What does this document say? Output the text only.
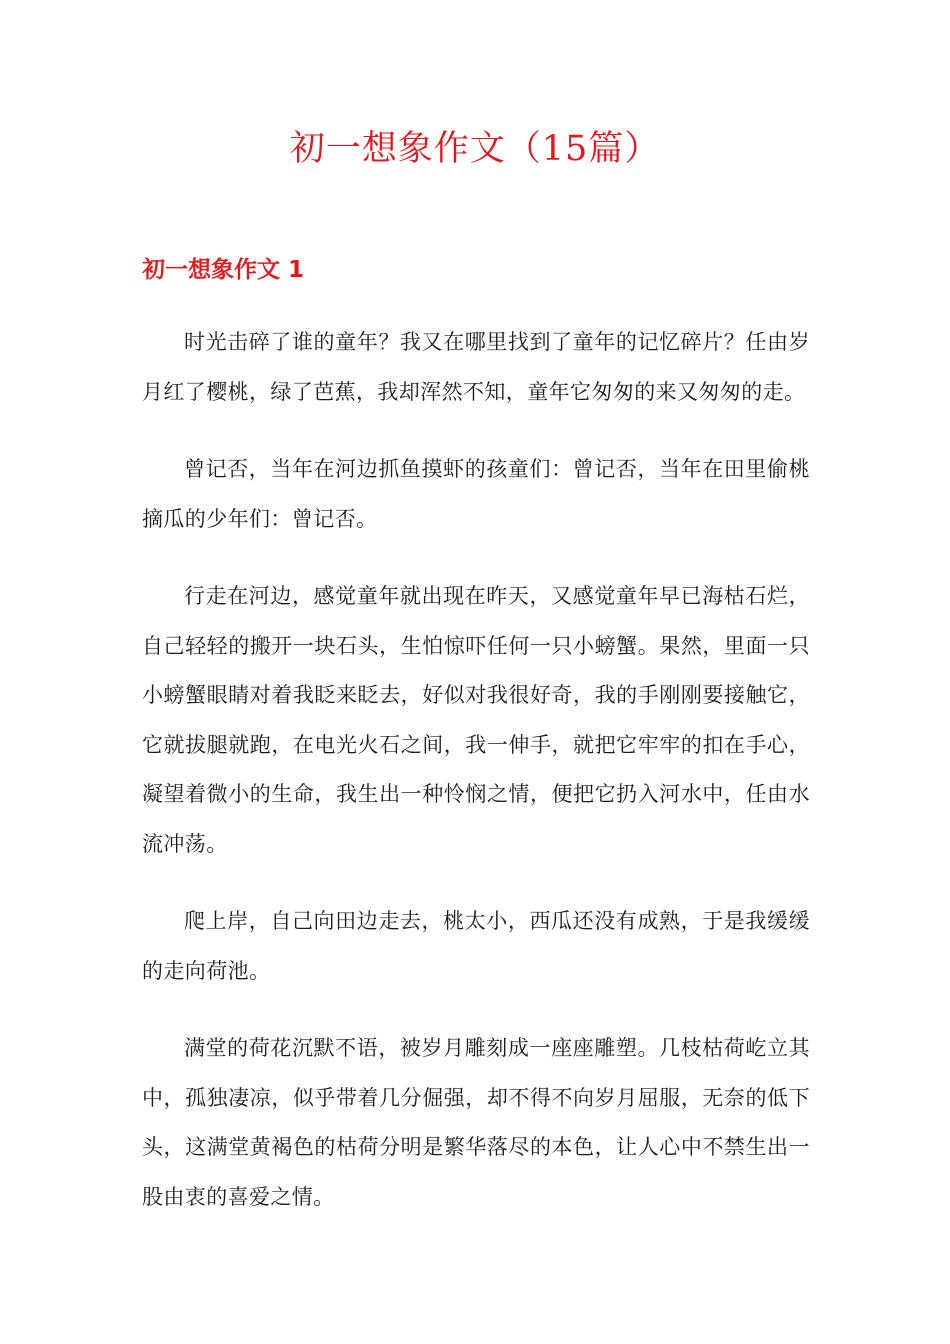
初一想象作文（15篇）
初一想象作文 1

时光击碎了谁的童年？我又在哪里找到了童年的记忆碎片？任由岁月红了樱桃，绿了芭蕉，我却浑然不知，童年它匆匆的来又匆匆的走。

曾记否，当年在河边抓鱼摸虾的孩童们：曾记否，当年在田里偷桃摘瓜的少年们：曾记否。

行走在河边，感觉童年就出现在昨天，又感觉童年早已海枯石烂，自己轻轻的搬开一块石头，生怕惊吓任何一只小螃蟹。果然，里面一只小螃蟹眼睛对着我眨来眨去，好似对我很好奇，我的手刚刚要接触它，它就拔腿就跑，在电光火石之间，我一伸手，就把它牢牢的扣在手心，凝望着微小的生命，我生出一种怜悯之情，便把它扔入河水中，任由水流冲荡。

爬上岸，自己向田边走去，桃太小，西瓜还没有成熟，于是我缓缓的走向荷池。

满堂的荷花沉默不语，被岁月雕刻成一座座雕塑。几枝枯荷屹立其中，孤独凄凉，似乎带着几分倔强，却不得不向岁月屈服，无奈的低下头，这满堂黄褐色的枯荷分明是繁华落尽的本色，让人心中不禁生出一股由衷的喜爱之情。
